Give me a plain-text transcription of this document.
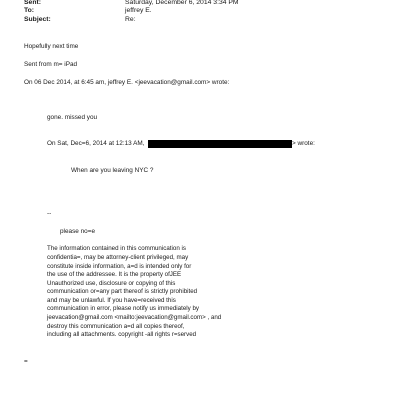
Sent:	Saturday, December 6, 2014 3:34 PM
To:	jeffrey E.
Subject:	Re:
Hopefully next time
Sent from m= iPad
On 06 Dec 2014, at 6:45 am, jeffrey E. <jeevacation@gmail.com> wrote:
gone. missed you
On Sat, Dec=6, 2014 at 12:13 AM,	> wrote:
When are you leaving NYC ?
--
please no=e
The information contained in this communication is
confidentia=, may be attorney-client privileged, may
constitute inside information, a=d is intended only for
the use of the addressee. It is the property ofJEE
Unauthorized use, disclosure or copying of this
communication or=any part thereof is strictly prohibited
and may be unlawful. If you have=received this
communication in error, please notify us immediately by
jeevacation@gmail.com <mailto:jeevacation@gmail.com> , and
destroy this communication a=d all copies thereof,
including all attachments. copyright -all rights r=served
=
